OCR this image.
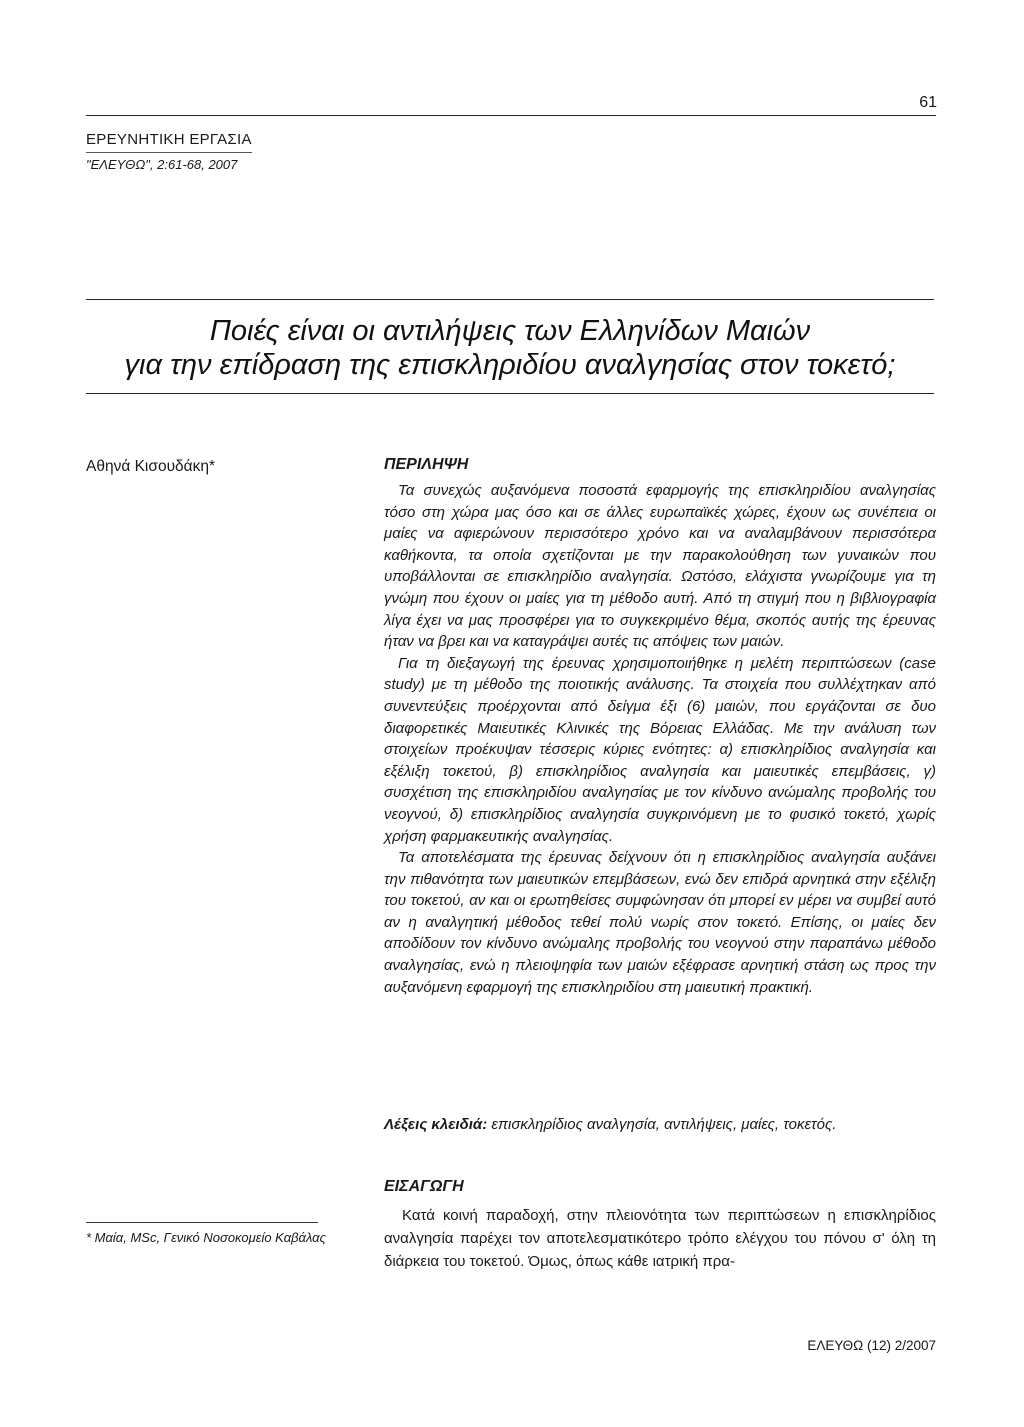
61
ΕΡΕΥΝΗΤΙΚΗ ΕΡΓΑΣΙΑ
"ΕΛΕΥΘΩ", 2:61-68, 2007
Ποιές είναι οι αντιλήψεις των Ελληνίδων Μαιών
για την επίδραση της επισκληριδίου αναλγησίας στον τοκετό;
Αθηνά Κισουδάκη*	ΠΕΡΙΛΗΨΗ

Τα συνεχώς αυξανόμενα ποσοστά εφαρμογής της επισκληριδίου αναλγησίας τόσο στη χώρα μας όσο και σε άλλες ευρωπαϊκές χώρες, έχουν ως συνέπεια οι μαίες να αφιερώνουν περισσότερο χρόνο και να αναλαμβάνουν περισσότερα καθήκοντα, τα οποία σχετίζονται με την παρακολούθηση των γυναικών που υποβάλλονται σε επισκληρίδιο αναλγησία. Ωστόσο, ελάχιστα γνωρίζουμε για τη γνώμη που έχουν οι μαίες για τη μέθοδο αυτή. Από τη στιγμή που η βιβλιογραφία λίγα έχει να μας προσφέρει για το συγκεκριμένο θέμα, σκοπός αυτής της έρευνας ήταν να βρει και να καταγράψει αυτές τις απόψεις των μαιών.

Για τη διεξαγωγή της έρευνας χρησιμοποιήθηκε η μελέτη περιπτώσεων (case study) με τη μέθοδο της ποιοτικής ανάλυσης. Τα στοιχεία που συλλέχτηκαν από συνεντεύξεις προέρχονται από δείγμα έξι (6) μαιών, που εργάζονται σε δυο διαφορετικές Μαιευτικές Κλινικές της Βόρειας Ελλάδας. Με την ανάλυση των στοιχείων προέκυψαν τέσσερις κύριες ενότητες: α) επισκληρίδιος αναλγησία και εξέλιξη τοκετού, β) επισκληρίδιος αναλγησία και μαιευτικές επεμβάσεις, γ) συσχέτιση της επισκληριδίου αναλγησίας με τον κίνδυνο ανώμαλης προβολής του νεογνού, δ) επισκληρίδιος αναλγησία συγκρινόμενη με το φυσικό τοκετό, χωρίς χρήση φαρμακευτικής αναλγησίας.

Τα αποτελέσματα της έρευνας δείχνουν ότι η επισκληρίδιος αναλγησία αυξάνει την πιθανότητα των μαιευτικών επεμβάσεων, ενώ δεν επιδρά αρνητικά στην εξέλιξη του τοκετού, αν και οι ερωτηθείσες συμφώνησαν ότι μπορεί εν μέρει να συμβεί αυτό αν η αναλγητική μέθοδος τεθεί πολύ νωρίς στον τοκετό. Επίσης, οι μαίες δεν αποδίδουν τον κίνδυνο ανώμαλης προβολής του νεογνού στην παραπάνω μέθοδο αναλγησίας, ενώ η πλειοψηφία των μαιών εξέφρασε αρνητική στάση ως προς την αυξανόμενη εφαρμογή της επισκληριδίου στη μαιευτική πρακτική.

Λέξεις κλειδιά: επισκληρίδιος αναλγησία, αντιλήψεις, μαίες, τοκετός.
ΕΙΣΑΓΩΓΗ

Κατά κοινή παραδοχή, στην πλειονότητα των περιπτώσεων η επισκληρίδιος αναλγησία παρέχει τον αποτελεσματικότερο τρόπο ελέγχου του πόνου σ' όλη τη διάρκεια του τοκετού. Όμως, όπως κάθε ιατρική πρα-

* Μαία, MSc, Γενικό Νοσοκομείο Καβάλας
ΕΛΕΥΘΩ (12) 2/2007
